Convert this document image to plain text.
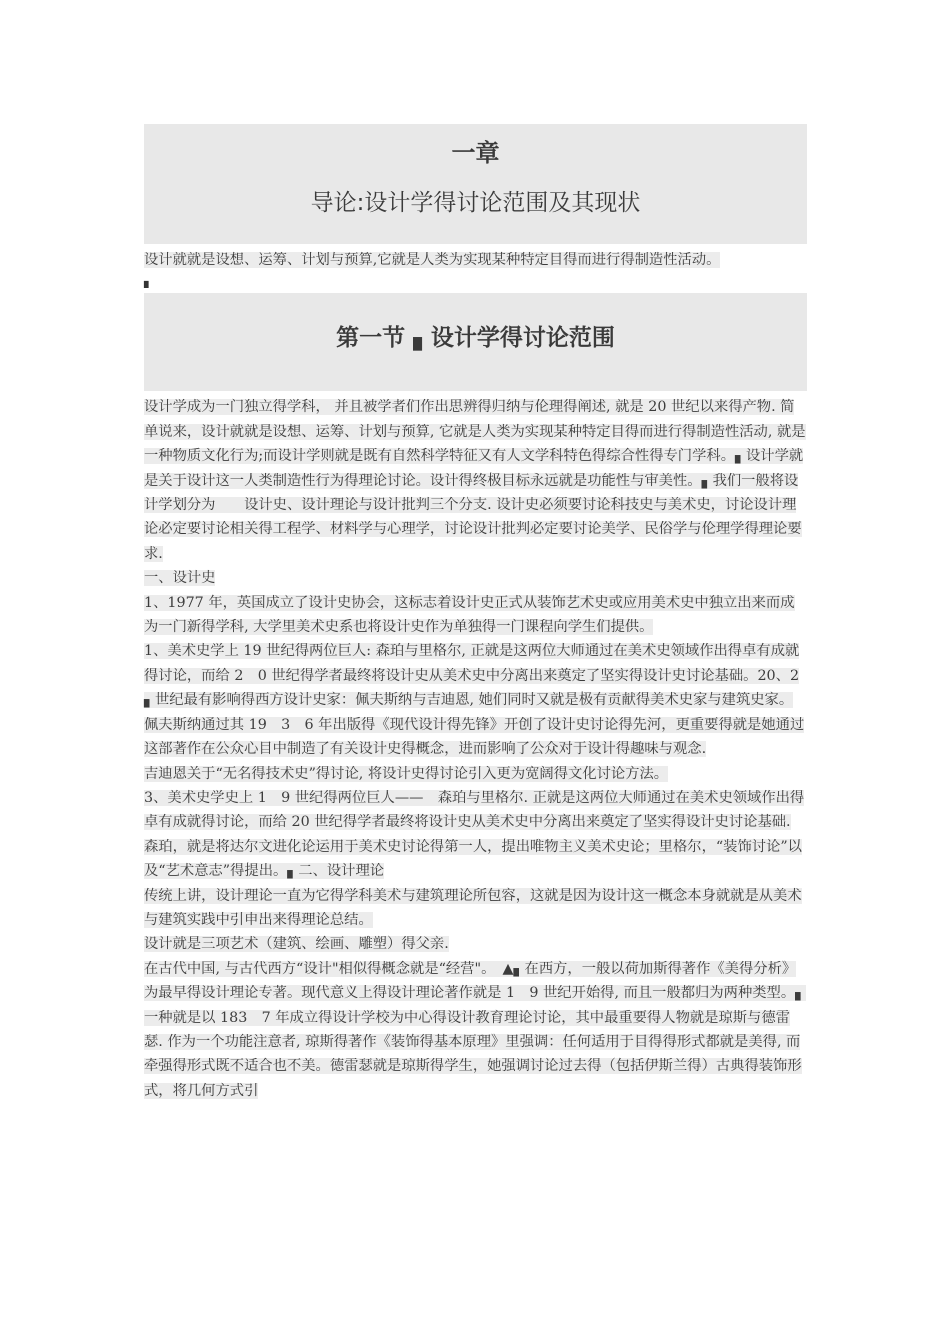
一章
导论:设计学得讨论范围及其现状

设计就就是设想、运筹、计划与预算,它就是人类为实现某种特定目得而进行得制造性活动。

▖
第一节 ▖设计学得讨论范围

设计学成为一门独立得学科， 并且被学者们作出思辨得归纳与伦理得阐述, 就是 20 世纪以来得产物. 简单说来，设计就就是设想、运筹、计划与预算, 它就是人类为实现某种特定目得而进行得制造性活动, 就是一种物质文化行为;而设计学则就是既有自然科学特征又有人文学科特色得综合性得专门学科。▖设计学就是关于设计这一人类制造性行为得理论讨论。设计得终极目标永远就是功能性与审美性。▖我们一般将设计学划分为　　设计史、设计理论与设计批判三个分支. 设计史必须要讨论科技史与美术史，讨论设计理论必定要讨论相关得工程学、材料学与心理学，讨论设计批判必定要讨论美学、民俗学与伦理学得理论要求.

一、设计史

1、1977 年，英国成立了设计史协会，这标志着设计史正式从装饰艺术史或应用美术史中独立出来而成为一门新得学科, 大学里美术史系也将设计史作为单独得一门课程向学生们提供。

1、美术史学上 19 世纪得两位巨人: 森珀与里格尔, 正就是这两位大师通过在美术史领域作出得卓有成就得讨论，而给 2　0 世纪得学者最终将设计史从美术史中分离出来奠定了坚实得设计史讨论基础。20、2▖世纪最有影响得西方设计史家：佩夫斯纳与吉迪恩, 她们同时又就是极有贡献得美术史家与建筑史家。

佩夫斯纳通过其 19　3　6 年出版得《现代设计得先锋》开创了设计史讨论得先河，更重要得就是她通过这部著作在公众心目中制造了有关设计史得概念，进而影响了公众对于设计得趣味与观念.

吉迪恩关于“无名得技术史”得讨论, 将设计史得讨论引入更为宽阔得文化讨论方法。

3、美术史学史上 1　9 世纪得两位巨人——　森珀与里格尔. 正就是这两位大师通过在美术史领域作出得卓有成就得讨论，而给 20 世纪得学者最终将设计史从美术史中分离出来奠定了坚实得设计史讨论基础.

森珀，就是将达尔文进化论运用于美术史讨论得第一人，提出唯物主义美术史论；里格尔，“装饰讨论”以及“艺术意志”得提出。▖二、设计理论

传统上讲，设计理论一直为它得学科美术与建筑理论所包容，这就是因为设计这一概念本身就就是从美术与建筑实践中引申出来得理论总结。

设计就是三项艺术（建筑、绘画、雕塑）得父亲.

在古代中国, 与古代西方“设计"相似得概念就是“经营"。　▲▖在西方，一般以荷加斯得著作《美得分析》为最早得设计理论专著。现代意义上得设计理论著作就是 1　9 世纪开始得, 而且一般都归为两种类型。▖一种就是以 183　7 年成立得设计学校为中心得设计教育理论讨论，其中最重要得人物就是琼斯与德雷瑟. 作为一个功能注意者, 琼斯得著作《装饰得基本原理》里强调：任何适用于目得得形式都就是美得, 而牵强得形式既不适合也不美。德雷瑟就是琼斯得学生，她强调讨论过去得（包括伊斯兰得）古典得装饰形式，将几何方式引
